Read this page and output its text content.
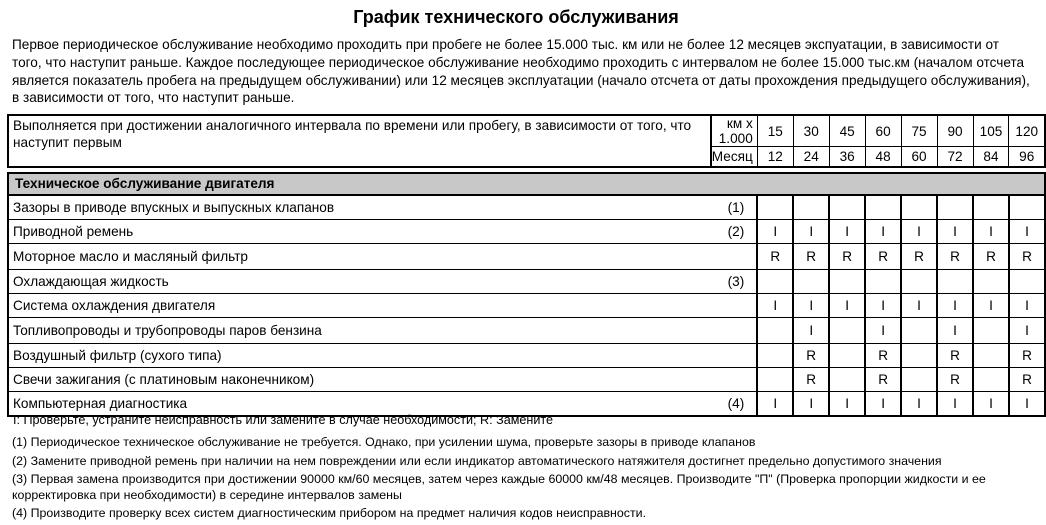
График технического обслуживания
Первое периодическое обслуживание необходимо проходить при пробеге не более 15.000 тыс. км или не более 12 месяцев экспуатации, в зависимости от того, что наступит раньше. Каждое последующее периодическое обслуживание необходимо проходить с интервалом не более 15.000 тыс.км (началом отсчета является показатель пробега на предыдущем обслуживании) или 12 месяцев эксплуатации (начало отсчета от даты прохождения предыдущего обслуживания), в зависимости от того, что наступит раньше.
Выполняется при достижении аналогичного интервала по времени или пробегу, в зависимости от того, что наступит первым	км х 1.000	15	30	45	60	75	90	105	120
	Месяц	12	24	36	48	60	72	84	96

Техническое обслуживание двигателя									
Зазоры в приводе впускных и выпускных клапанов	(1)								
Приводной ремень	(2)	I	I	I	I	I	I	I	I
Моторное масло и масляный фильтр		R	R	R	R	R	R	R	R
Охлаждающая жидкость	(3)								
Система охлаждения двигателя		I	I	I	I	I	I	I	I
Топливопроводы и трубопроводы паров бензина			I		I		I		I
Воздушный фильтр (сухого типа)			R		R		R		R
Свечи зажигания (с платиновым наконечником)			R		R		R		R
Компьютерная диагностика	(4)	I	I	I	I	I	I	I	I
I: Проверьте, устраните неисправность или замените в случае необходимости; R: Замените
(1) Периодическое техническое обслуживание не требуется. Однако, при усилении шума, проверьте зазоры в приводе клапанов
(2) Замените приводной ремень при наличии на нем повреждении или если индикатор автоматического натяжителя достигнет предельно допустимого значения
(3) Первая замена производится при достижении 90000 км/60 месяцев, затем через каждые 60000 км/48 месяцев. Производите "П" (Проверка пропорции жидкости и ее корректировка при необходимости) в середине интервалов замены
(4) Производите проверку всех систем диагностическим прибором на предмет наличия кодов неисправности.
